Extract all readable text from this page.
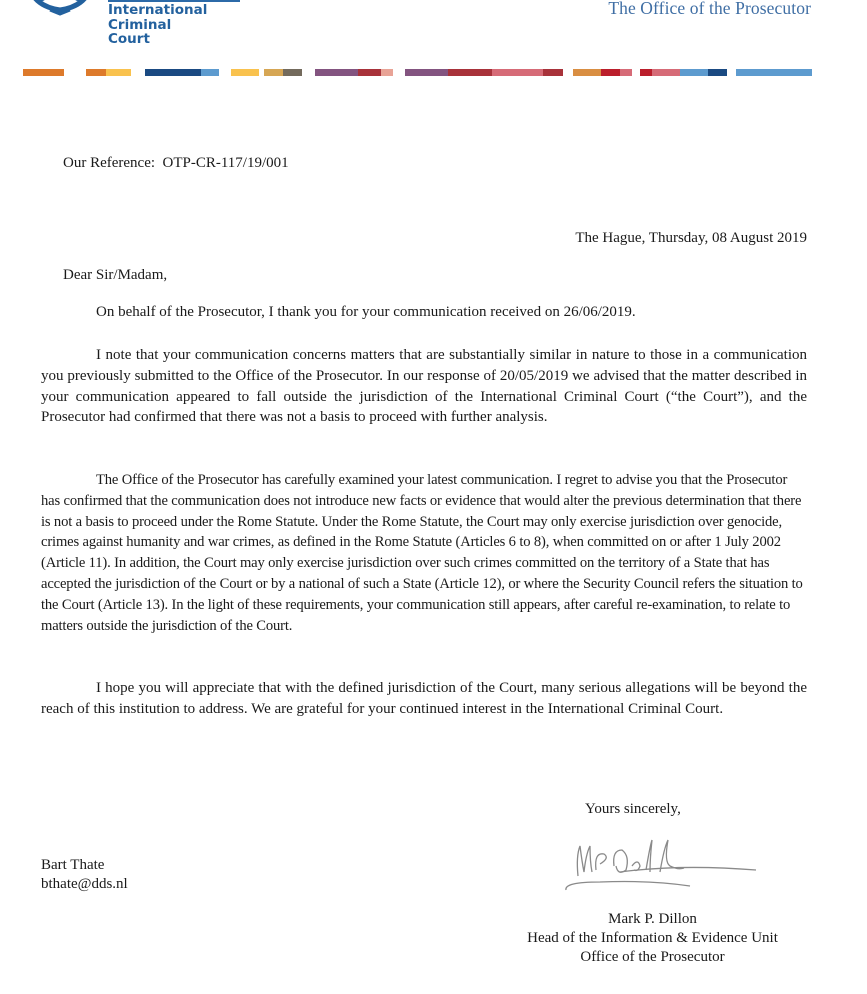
International
Criminal
Court
The Office of the Prosecutor
Our Reference: OTP-CR-117/19/001
The Hague, Thursday, 08 August 2019
Dear Sir/Madam,
On behalf of the Prosecutor, I thank you for your communication received on 26/06/2019.
I note that your communication concerns matters that are substantially similar in nature to those in a communication you previously submitted to the Office of the Prosecutor. In our response of 20/05/2019 we advised that the matter described in your communication appeared to fall outside the jurisdiction of the International Criminal Court (“the Court”), and the Prosecutor had confirmed that there was not a basis to proceed with further analysis.
The Office of the Prosecutor has carefully examined your latest communication. I regret to advise you that the Prosecutor has confirmed that the communication does not introduce new facts or evidence that would alter the previous determination that there is not a basis to proceed under the Rome Statute. Under the Rome Statute, the Court may only exercise jurisdiction over genocide, crimes against humanity and war crimes, as defined in the Rome Statute (Articles 6 to 8), when committed on or after 1 July 2002 (Article 11). In addition, the Court may only exercise jurisdiction over such crimes committed on the territory of a State that has accepted the jurisdiction of the Court or by a national of such a State (Article 12), or where the Security Council refers the situation to the Court (Article 13). In the light of these requirements, your communication still appears, after careful re-examination, to relate to matters outside the jurisdiction of the Court.
I hope you will appreciate that with the defined jurisdiction of the Court, many serious allegations will be beyond the reach of this institution to address. We are grateful for your continued interest in the International Criminal Court.
Yours sincerely,
Bart Thate
bthate@dds.nl
Mark P. Dillon
Head of the Information & Evidence Unit
Office of the Prosecutor
